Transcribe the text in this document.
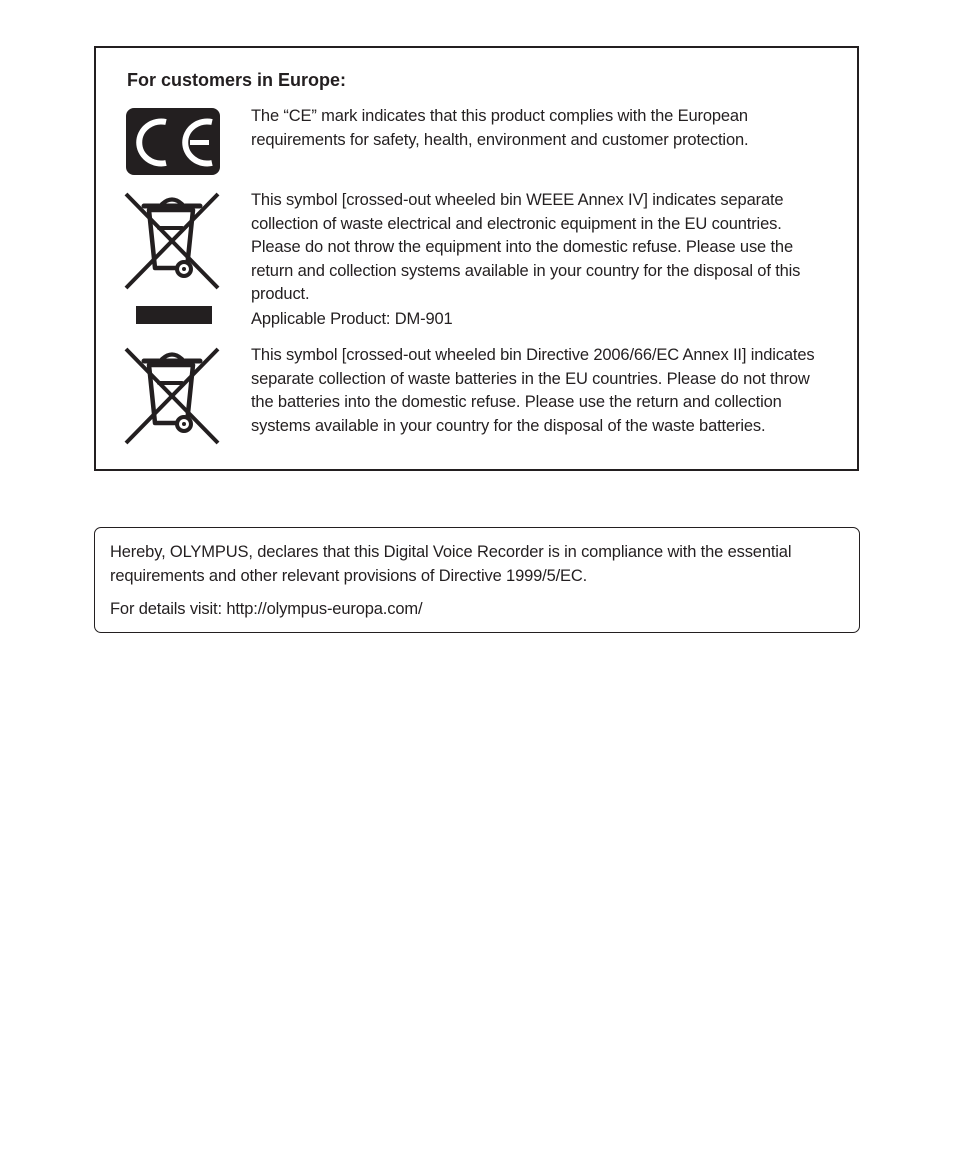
For customers in Europe:

The “CE” mark indicates that this product complies with the European requirements for safety, health, environment and customer protection.

This symbol [crossed-out wheeled bin WEEE Annex IV] indicates separate collection of waste electrical and electronic equipment in the EU countries. Please do not throw the equipment into the domestic refuse. Please use the return and collection systems available in your country for the disposal of this product.

Applicable Product: DM-901

This symbol [crossed-out wheeled bin Directive 2006/66/EC Annex II] indicates separate collection of waste batteries in the EU countries. Please do not throw the batteries into the domestic refuse. Please use the return and collection systems available in your country for the disposal of the waste batteries.

Hereby, OLYMPUS, declares that this Digital Voice Recorder is in compliance with the essential requirements and other relevant provisions of Directive 1999/5/EC.

For details visit: http://olympus-europa.com/
